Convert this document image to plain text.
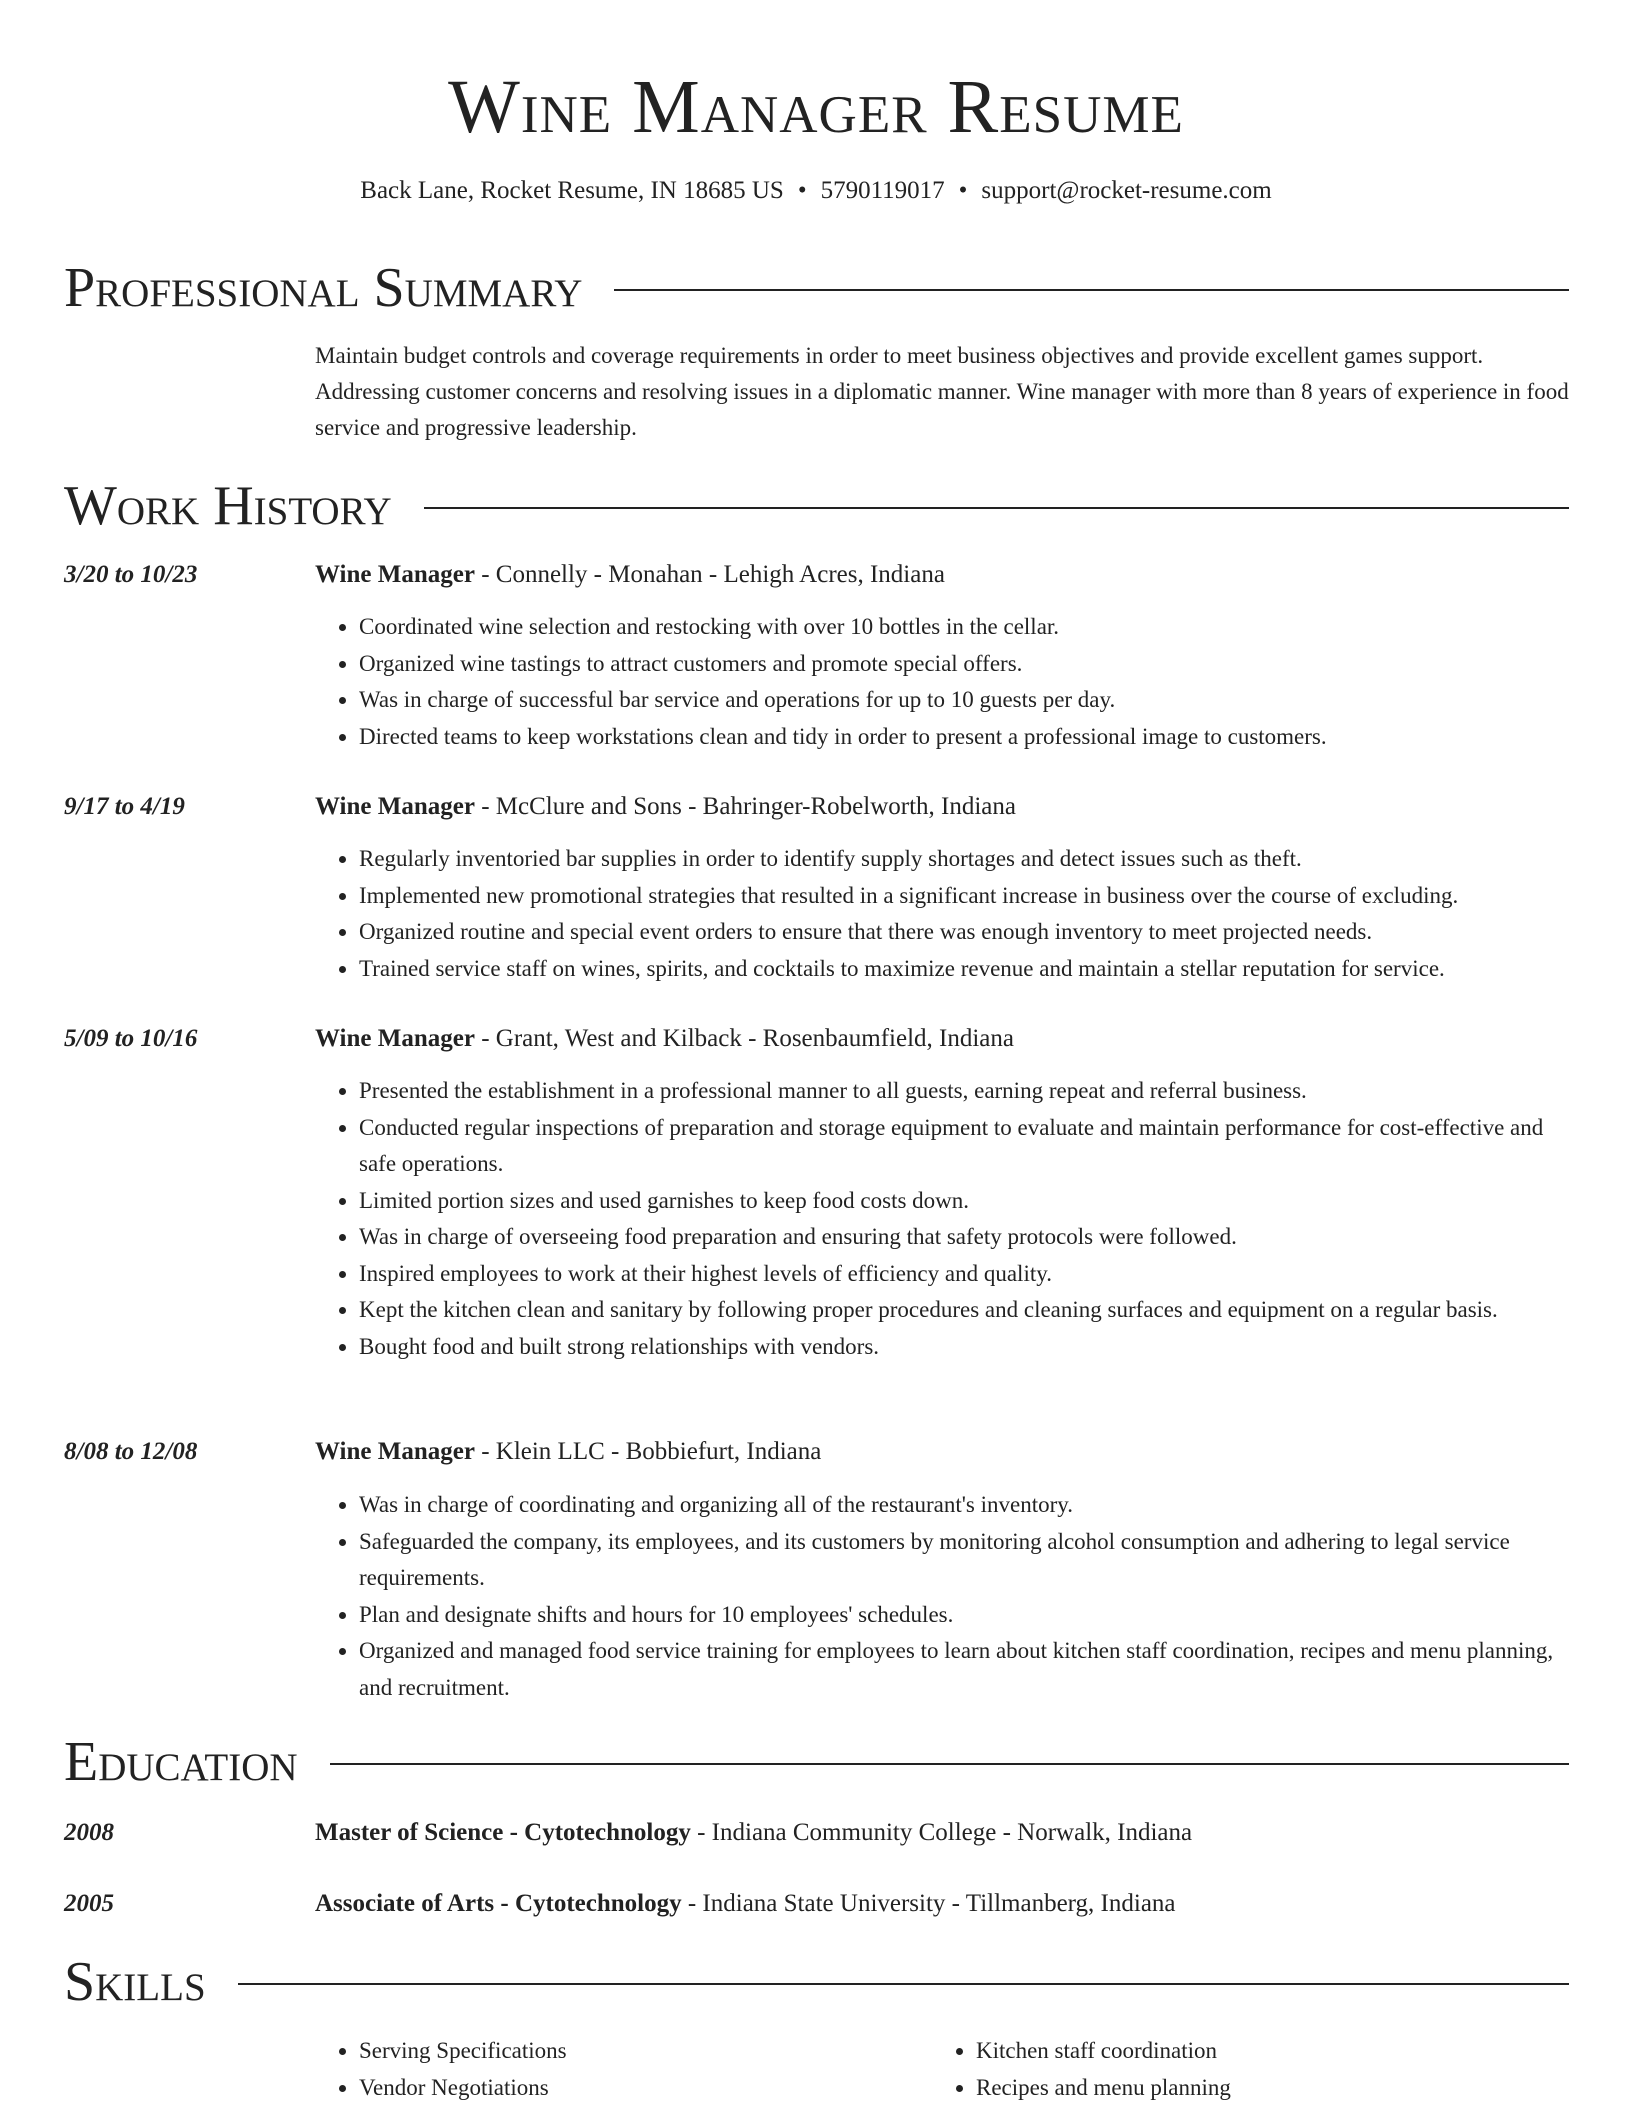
Wine Manager Resume
Back Lane, Rocket Resume, IN 18685 US • 5790119017 • support@rocket-resume.com
Professional Summary
Maintain budget controls and coverage requirements in order to meet business objectives and provide excellent games support. Addressing customer concerns and resolving issues in a diplomatic manner. Wine manager with more than 8 years of experience in food service and progressive leadership.
Work History
3/20 to 10/23	Wine Manager - Connelly - Monahan - Lehigh Acres, Indiana
• Coordinated wine selection and restocking with over 10 bottles in the cellar.
• Organized wine tastings to attract customers and promote special offers.
• Was in charge of successful bar service and operations for up to 10 guests per day.
• Directed teams to keep workstations clean and tidy in order to present a professional image to customers.
9/17 to 4/19	Wine Manager - McClure and Sons - Bahringer-Robelworth, Indiana
• Regularly inventoried bar supplies in order to identify supply shortages and detect issues such as theft.
• Implemented new promotional strategies that resulted in a significant increase in business over the course of excluding.
• Organized routine and special event orders to ensure that there was enough inventory to meet projected needs.
• Trained service staff on wines, spirits, and cocktails to maximize revenue and maintain a stellar reputation for service.
5/09 to 10/16	Wine Manager - Grant, West and Kilback - Rosenbaumfield, Indiana
• Presented the establishment in a professional manner to all guests, earning repeat and referral business.
• Conducted regular inspections of preparation and storage equipment to evaluate and maintain performance for cost-effective and safe operations.
• Limited portion sizes and used garnishes to keep food costs down.
• Was in charge of overseeing food preparation and ensuring that safety protocols were followed.
• Inspired employees to work at their highest levels of efficiency and quality.
• Kept the kitchen clean and sanitary by following proper procedures and cleaning surfaces and equipment on a regular basis.
• Bought food and built strong relationships with vendors.
8/08 to 12/08	Wine Manager - Klein LLC - Bobbiefurt, Indiana
• Was in charge of coordinating and organizing all of the restaurant's inventory.
• Safeguarded the company, its employees, and its customers by monitoring alcohol consumption and adhering to legal service requirements.
• Plan and designate shifts and hours for 10 employees' schedules.
• Organized and managed food service training for employees to learn about kitchen staff coordination, recipes and menu planning, and recruitment.
Education
2008	Master of Science - Cytotechnology - Indiana Community College - Norwalk, Indiana
2005	Associate of Arts - Cytotechnology - Indiana State University - Tillmanberg, Indiana
Skills
• Serving Specifications
• Vendor Negotiations
• Kitchen staff coordination
• Recipes and menu planning
